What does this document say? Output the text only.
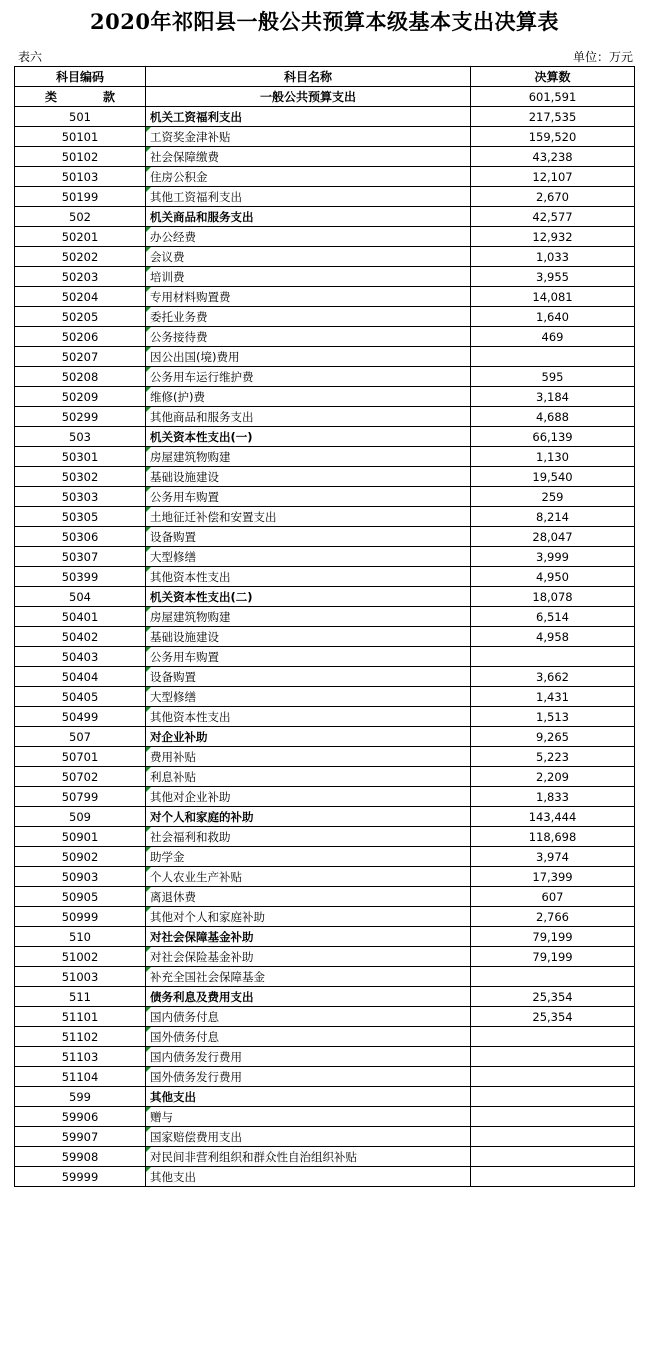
2020年祁阳县一般公共预算本级基本支出决算表
表六	单位：万元
科目编码	科目名称	决算数

类 款	一般公共预算支出	601,591
501	机关工资福利支出	217,535
50101	工资奖金津补贴	159,520
50102	社会保障缴费	43,238
50103	住房公积金	12,107
50199	其他工资福利支出	2,670
502	机关商品和服务支出	42,577
50201	办公经费	12,932
50202	会议费	1,033
50203	培训费	3,955
50204	专用材料购置费	14,081
50205	委托业务费	1,640
50206	公务接待费	469
50207	因公出国(境)费用	
50208	公务用车运行维护费	595
50209	维修(护)费	3,184
50299	其他商品和服务支出	4,688
503	机关资本性支出(一)	66,139
50301	房屋建筑物购建	1,130
50302	基础设施建设	19,540
50303	公务用车购置	259
50305	土地征迁补偿和安置支出	8,214
50306	设备购置	28,047
50307	大型修缮	3,999
50399	其他资本性支出	4,950
504	机关资本性支出(二)	18,078
50401	房屋建筑物购建	6,514
50402	基础设施建设	4,958
50403	公务用车购置	
50404	设备购置	3,662
50405	大型修缮	1,431
50499	其他资本性支出	1,513
507	对企业补助	9,265
50701	费用补贴	5,223
50702	利息补贴	2,209
50799	其他对企业补助	1,833
509	对个人和家庭的补助	143,444
50901	社会福利和救助	118,698
50902	助学金	3,974
50903	个人农业生产补贴	17,399
50905	离退休费	607
50999	其他对个人和家庭补助	2,766
510	对社会保障基金补助	79,199
51002	对社会保险基金补助	79,199
51003	补充全国社会保障基金	
511	债务利息及费用支出	25,354
51101	国内债务付息	25,354
51102	国外债务付息	
51103	国内债务发行费用	
51104	国外债务发行费用	
599	其他支出	
59906	赠与	
59907	国家赔偿费用支出	
59908	对民间非营利组织和群众性自治组织补贴	
59999	其他支出	
